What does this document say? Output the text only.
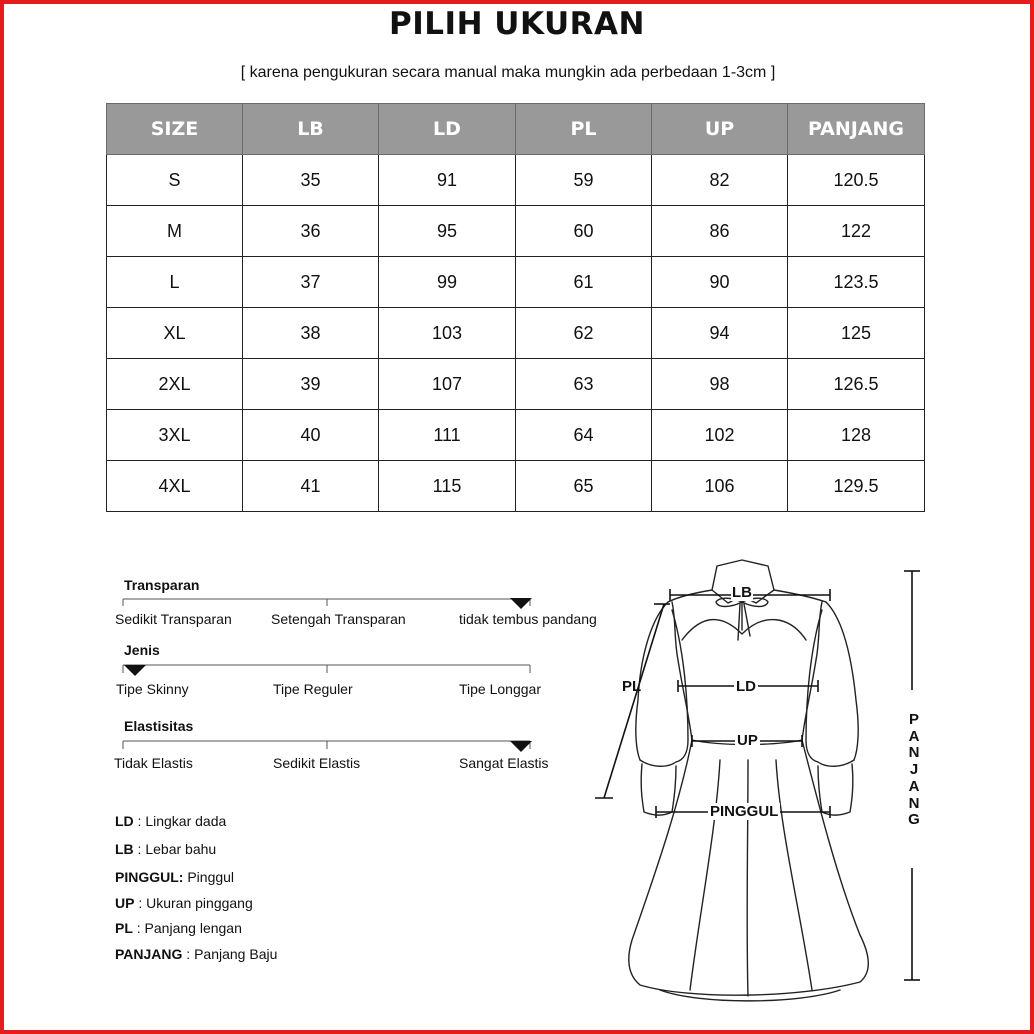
PILIH UKURAN
[ karena pengukuran secara manual maka mungkin ada perbedaan 1-3cm ]
SIZE	LB	LD	PL	UP	PANJANG
S	35	91	59	82	120.5
M	36	95	60	86	122
L	37	99	61	90	123.5
XL	38	103	62	94	125
2XL	39	107	63	98	126.5
3XL	40	111	64	102	128
4XL	41	115	65	106	129.5
Transparan
Sedikit Transparan	Setengah Transparan	tidak tembus pandang
Jenis
Tipe Skinny	Tipe Reguler	Tipe Longgar
Elastisitas
Tidak Elastis	Sedikit Elastis	Sangat Elastis
LD : Lingkar dada
LB : Lebar bahu
PINGGUL: Pinggul
UP : Ukuran pinggang
PL : Panjang lengan
PANJANG : Panjang Baju
LB
LD
UP
PL
PINGGUL
P
A
N
J
A
N
G
